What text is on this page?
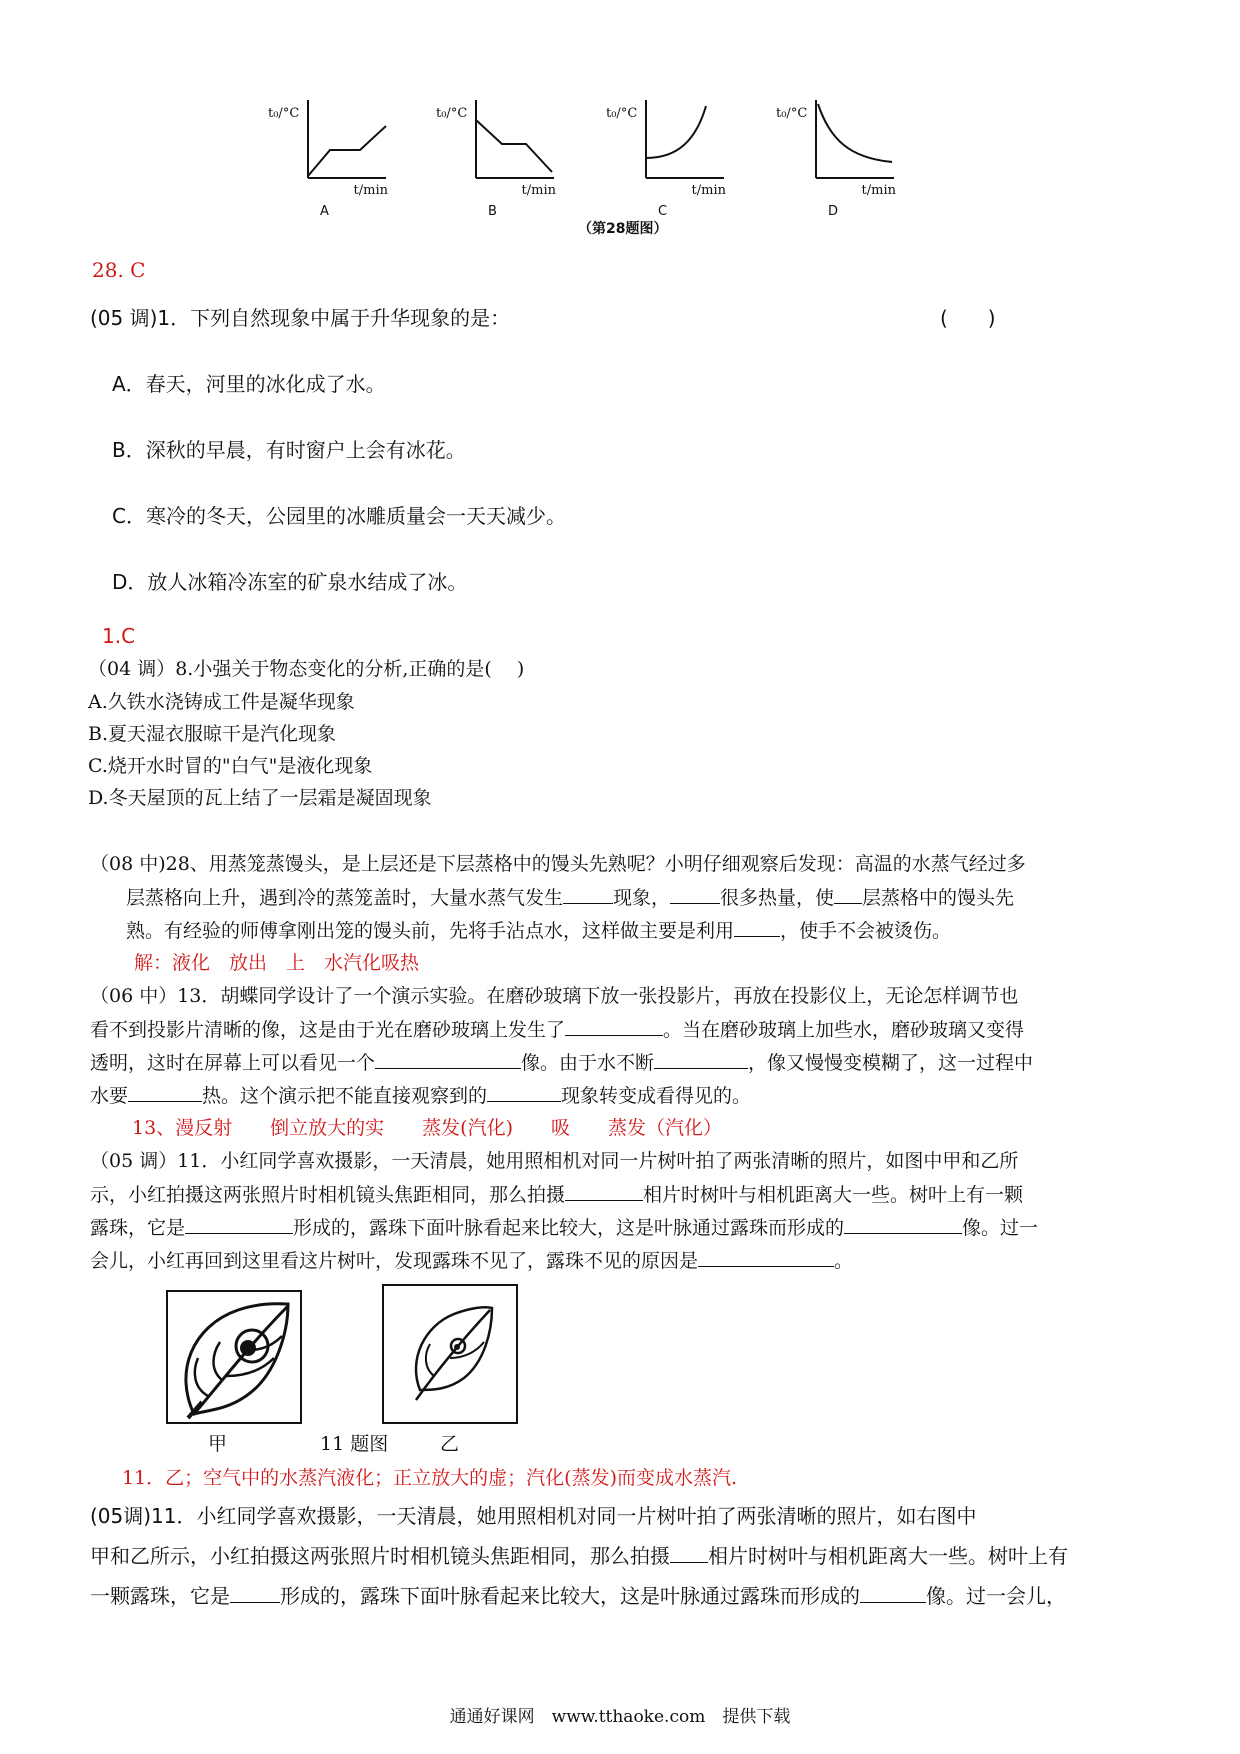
t₀/°C
t/min
A
t₀/°C
t/min
B
t₀/°C
t/min
C
t₀/°C
t/min
D
（第28题图）
28. C
(05 调)1．下列自然现象中属于升华现象的是：	(　　)
A．春天，河里的冰化成了水。
B．深秋的早晨，有时窗户上会有冰花。
C．寒冷的冬天，公园里的冰雕质量会一天天减少。
D．放人冰箱冷冻室的矿泉水结成了冰。
1.C
（04 调）8.小强关于物态变化的分析,正确的是(　 )
A.久铁水浇铸成工件是凝华现象
B.夏天湿衣服晾干是汽化现象
C.烧开水时冒的"白气"是液化现象
D.冬天屋顶的瓦上结了一层霜是凝固现象
（08 中)28、用蒸笼蒸馒头，是上层还是下层蒸格中的馒头先熟呢？小明仔细观察后发现：高温的水蒸气经过多
层蒸格向上升，遇到冷的蒸笼盖时，大量水蒸气发生	现象，	很多热量，使 层蒸格中的馒头先
熟。有经验的师傅拿刚出笼的馒头前，先将手沾点水，这样做主要是利用 ，使手不会被烫伤。
解：液化　放出　上　水汽化吸热
（06 中）13．胡蝶同学设计了一个演示实验。在磨砂玻璃下放一张投影片，再放在投影仪上，无论怎样调节也
看不到投影片清晰的像，这是由于光在磨砂玻璃上发生了	。当在磨砂玻璃上加些水，磨砂玻璃又变得
透明，这时在屏幕上可以看见一个	像。由于水不断	，像又慢慢变模糊了，这一过程中
水要	热。这个演示把不能直接观察到的	现象转变成看得见的。
13、漫反射　　倒立放大的实　　蒸发(汽化)　　吸　　蒸发（汽化）
（05 调）11．小红同学喜欢摄影，一天清晨，她用照相机对同一片树叶拍了两张清晰的照片，如图中甲和乙所
示，小红拍摄这两张照片时相机镜头焦距相同，那么拍摄	相片时树叶与相机距离大一些。树叶上有一颗
露珠，它是	形成的，露珠下面叶脉看起来比较大，这是叶脉通过露珠而形成的	像。过一
会儿，小红再回到这里看这片树叶，发现露珠不见了，露珠不见的原因是	。
甲	11 题图	乙
11．乙；空气中的水蒸汽液化；正立放大的虚；汽化(蒸发)而变成水蒸汽.
(05调)11．小红同学喜欢摄影，一天清晨，她用照相机对同一片树叶拍了两张清晰的照片，如右图中
甲和乙所示，小红拍摄这两张照片时相机镜头焦距相同，那么拍摄 相片时树叶与相机距离大一些。树叶上有
一颗露珠，它是	形成的，露珠下面叶脉看起来比较大，这是叶脉通过露珠而形成的	像。过一会儿，
通通好课网　www.tthaoke.com　提供下载
